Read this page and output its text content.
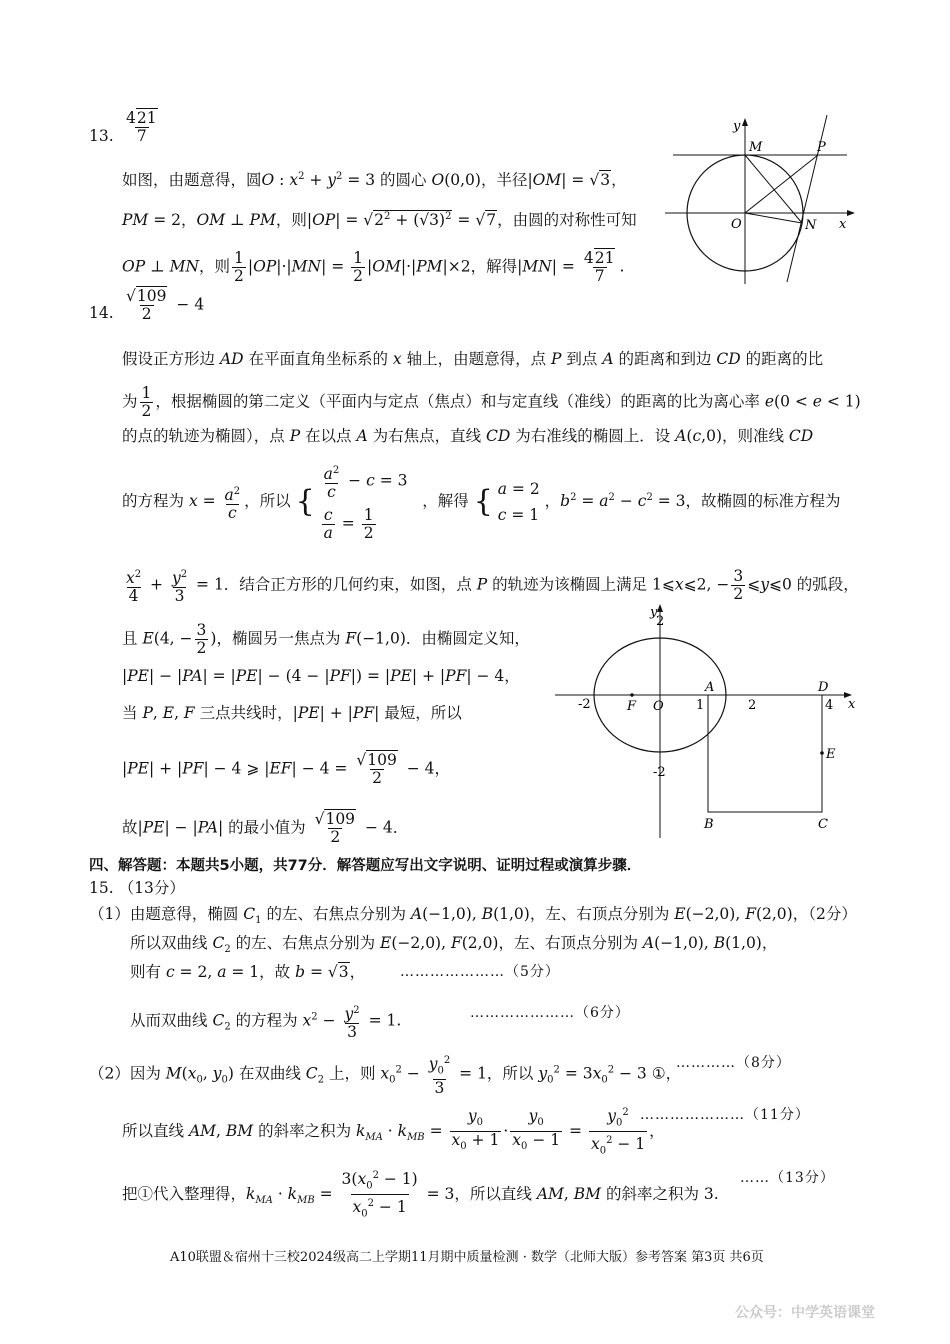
13. $\frac{421}{7}$
如图，由题意得，圆O : $x^2 + y^2 = 3$ 的圆心 O(0,0)，半径|OM| = √3，
PM = 2，OM ⊥ PM，则$|OP| = √2^2 + (√3)^2 = √7$，由圆的对称性可知
OP ⊥ MN，则 $\frac{1}{2} |OP|\cdot|MN| = \frac{1}{2} |OM|\cdot|PM|\times 2$，解得$|MN| = \frac{421}{7}$ .
y
x
M	P
O	N
14. $\frac{√109}{2} - 4$
假设正方形边 AD 在平面直角坐标系的 x 轴上，由题意得，点 P 到点 A 的距离和到边 CD 的距离的比
为 $\frac{1}{2}$ ，根据椭圆的第二定义（平面内与定点（焦点）和与定直线（准线）的距离的比为离心率 e(0 < e < 1)
的点的轨迹为椭圆），点 P 在以点 A 为右焦点，直线 CD 为右准线的椭圆上．设 A(c,0)，则准线 CD
的方程为 $x = \frac{a^2}{c}$ ，所以 {
$\frac{a^2}{c} - c = 3$
$\frac{c}{a} = \frac{1}{2}$
，解得 { a = 2
c = 1
，$b^2 = a^2 - c^2 = 3$，故椭圆的标准方程为
$\frac{x^2}{4} + \frac{y^2}{3} = 1$．结合正方形的几何约束，如图，点 P 的轨迹为该椭圆上满足 1⩽x⩽2, − $\frac{3}{2}$ ⩽y⩽0 的弧段，
且 E(4, − $\frac{3}{2}$ )，椭圆另一焦点为 F(−1,0)．由椭圆定义知，
|PE| − |PA| = |PE| − (4 − |PF|) = |PE| + |PF| − 4，
当 P, E, F 三点共线时，|PE| + |PF| 最短，所以
|PE| + |PF| − 4 ⩾ $|EF| - 4 = \frac{√109}{2} - 4$，
故|PE| − |PA| 的最小值为 $\frac{√109}{2} - 4$．
y
x
2
-2	F O 1	2	4
A	D
E
-2
B	C
四、解答题：本题共5小题，共77分．解答题应写出文字说明、证明过程或演算步骤．
15. （13分）
（1）由题意得，椭圆 $C_1$ 的左、右焦点分别为 A(−1,0), B(1,0)，左、右顶点分别为 E(−2,0), F(2,0)，（2分）
所以双曲线 $C_2$ 的左、右焦点分别为 E(−2,0), F(2,0)，左、右顶点分别为 A(−1,0), B(1,0)，
则有 c = 2, a = 1，故 b = √3， …………………（5分）
从而双曲线 $C_2$ 的方程为 $x^2 - \frac{y^2}{3} = 1$.	…………………（6分）
（2）因为 $M(x_0$, $y_0$) 在双曲线 $C_2$ 上，则 $x_0^2 - \frac{y_0^2}{3} = 1$，所以 $y_0^2 = 3x_0^2 - 3$ ①，
…………（8分）
所以直线 AM, BM 的斜率之积为 $k_{MA} \cdot k_{MB} = \frac{y_0}{x_0 + 1} \cdot \frac{y_0}{x_0 - 1} = \frac{y_0^2}{x_0^2 - 1}$ ，
…………………（11分）
把①代入整理得，$k_{MA} \cdot k_{MB} = \frac{3(x_0^2 - 1)}{x_0^2 - 1} = 3$，所以直线 AM, BM 的斜率之积为 3.
……（13分）
A10联盟＆宿州十三校2024级高二上学期11月期中质量检测 · 数学（北师大版）参考答案 第3页 共6页
公众号：中学英语课堂
